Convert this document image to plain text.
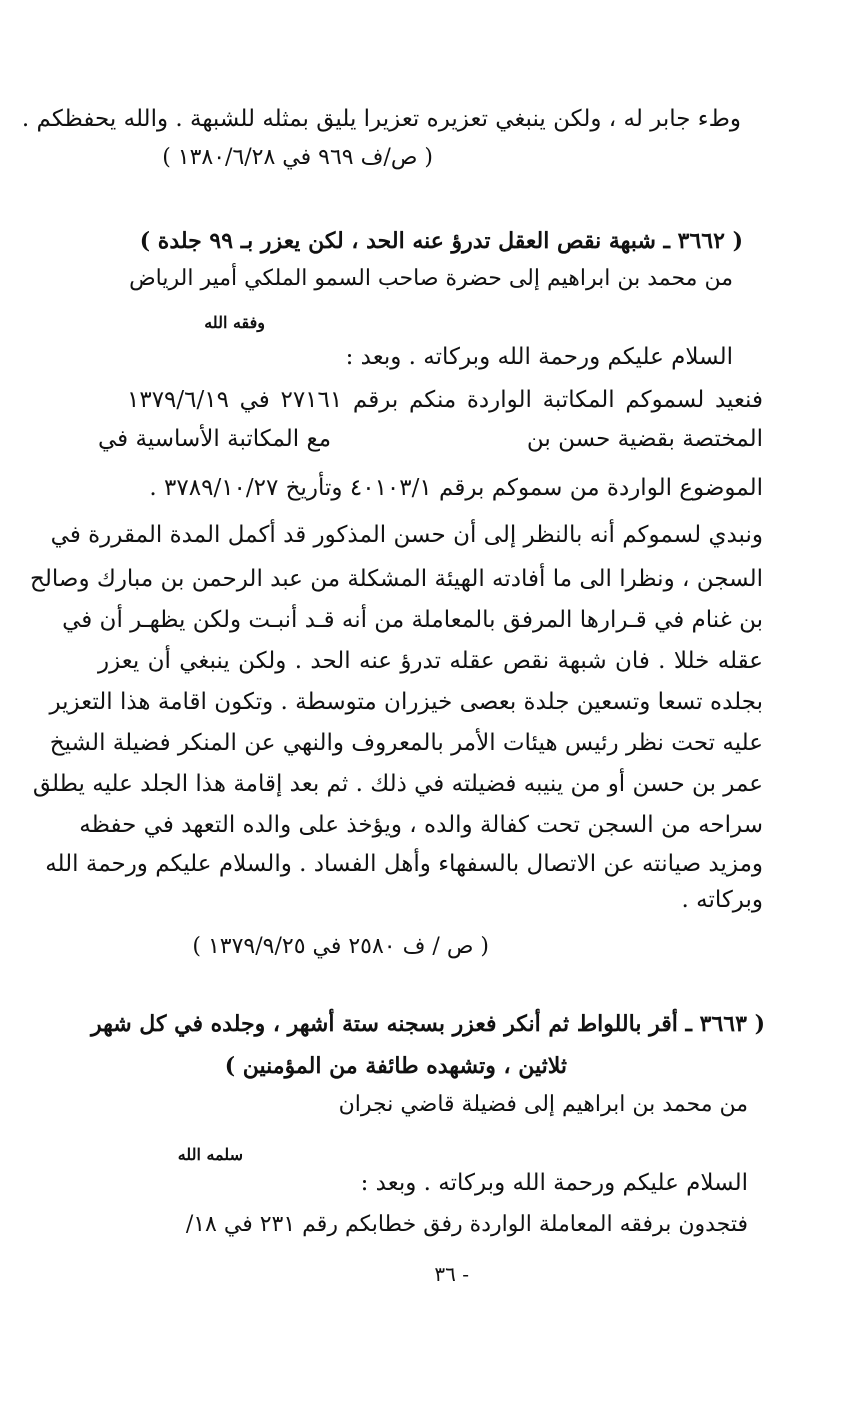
وطء جابر له ، ولكن ينبغي تعزيره تعزيرا يليق بمثله للشبهة . والله يحفظكم .
( ص/ف ٩٦٩ في ١٣٨٠/٦/٢٨ )
( ٣٦٦٢ ـ شبهة نقص العقل تدرؤ عنه الحد ، لكن يعزر بـ ٩٩ جلدة )
من محمد بن ابراهيم إلى حضرة صاحب السمو الملكي أمير الرياض
وفقه الله
السلام عليكم ورحمة الله وبركاته . وبعد :
فنعيد لسموكم المكاتبة الواردة منكم برقم ٢٧١٦١ في ١٣٧٩/٦/١٩
المختصة بقضية حسن بن
مع المكاتبة الأساسية في
الموضوع الواردة من سموكم برقم ٤٠١٠٣/١ وتأريخ ٣٧٨٩/١٠/٢٧ .
ونبدي لسموكم أنه بالنظر إلى أن حسن المذكور قد أكمل المدة المقررة في
السجن ، ونظرا الى ما أفادته الهيئة المشكلة من عبد الرحمن بن مبارك وصالح
بن غنام في قـرارها المرفق بالمعاملة من أنه قـد أنبـت ولكن يظهـر أن في
عقله خللا . فان شبهة نقص عقله تدرؤ عنه الحد . ولكن ينبغي أن يعزر
بجلده تسعا وتسعين جلدة بعصى خيزران متوسطة . وتكون اقامة هذا التعزير
عليه تحت نظر رئيس هيئات الأمر بالمعروف والنهي عن المنكر فضيلة الشيخ
عمر بن حسن أو من ينيبه فضيلته في ذلك . ثم بعد إقامة هذا الجلد عليه يطلق
سراحه من السجن تحت كفالة والده ، ويؤخذ على والده التعهد في حفظه
ومزيد صيانته عن الاتصال بالسفهاء وأهل الفساد . والسلام عليكم ورحمة الله
وبركاته .
( ص / ف ٢٥٨٠ في ١٣٧٩/٩/٢٥ )
( ٣٦٦٣ ـ أقر باللواط ثم أنكر فعزر بسجنه ستة أشهر ، وجلده في كل شهر
ثلاثين ، وتشهده طائفة من المؤمنين )
من محمد بن ابراهيم إلى فضيلة قاضي نجران
سلمه الله
السلام عليكم ورحمة الله وبركاته . وبعد :
فتجدون برفقه المعاملة الواردة رفق خطابكم رقم ٢٣١ في ١٨/
- ٣٦
